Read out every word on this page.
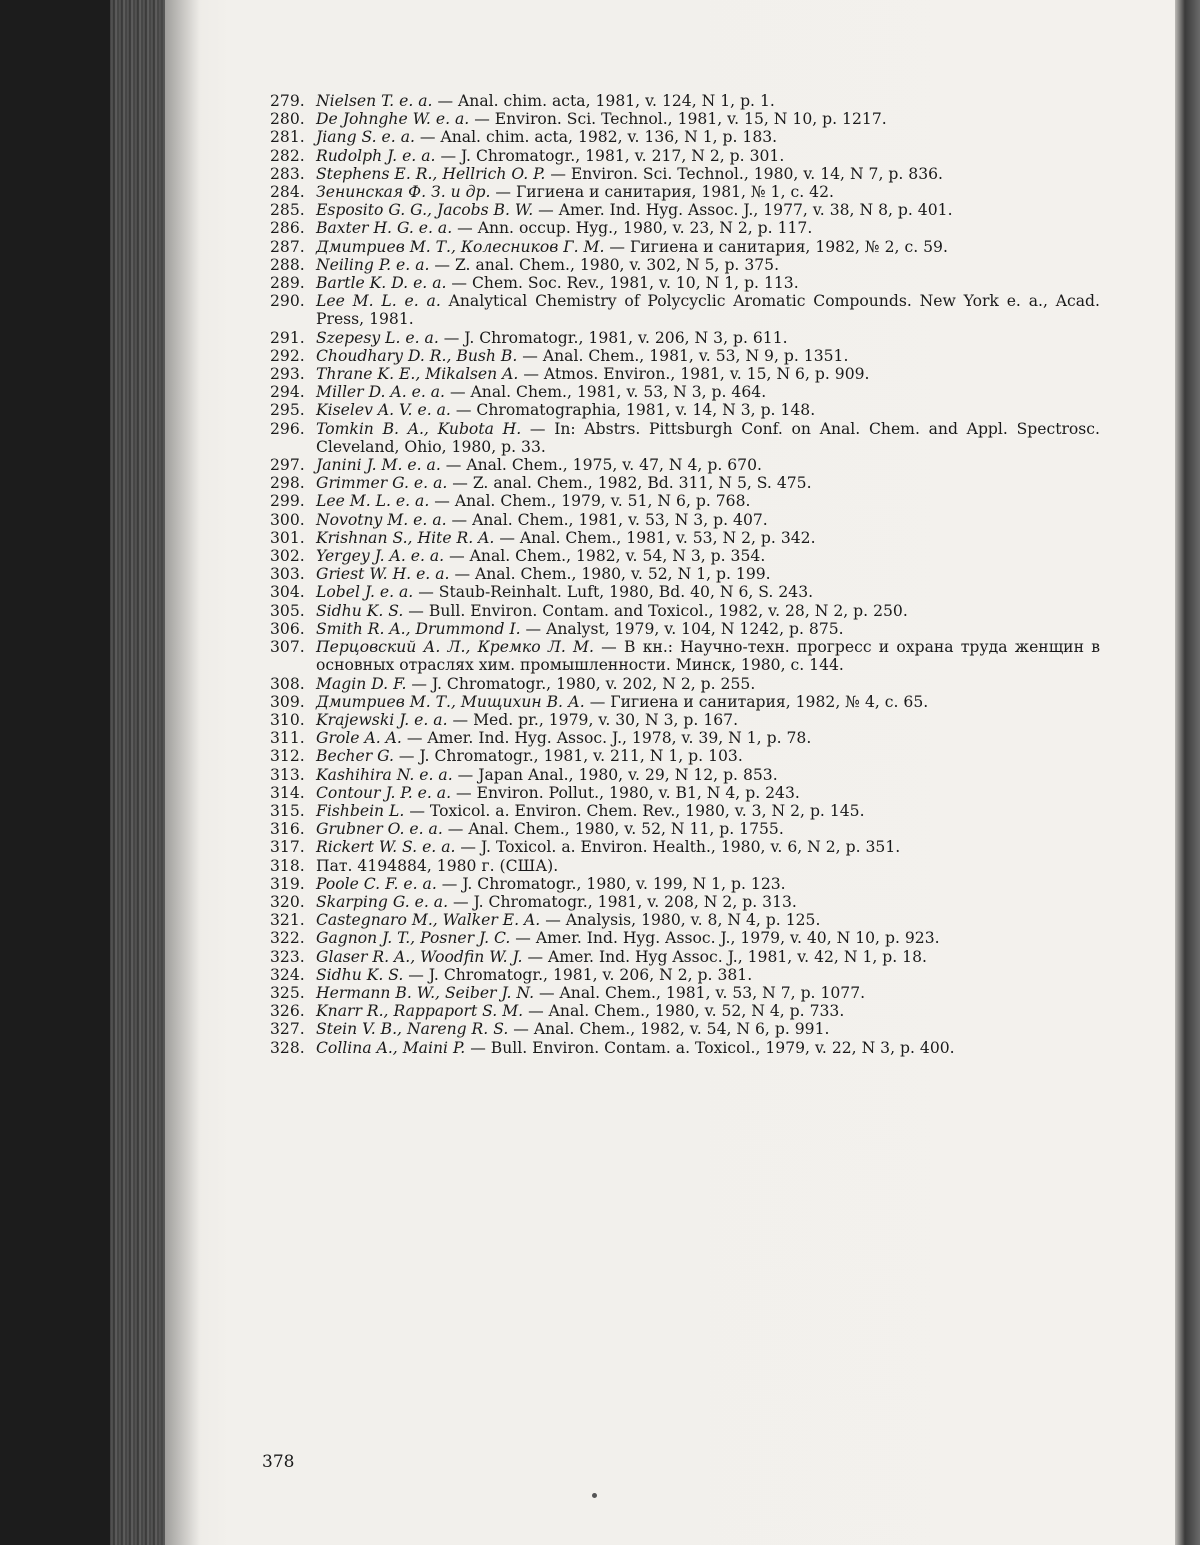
279. Nielsen T. e. a. — Anal. chim. acta, 1981, v. 124, N 1, p. 1.
280. De Johnghe W. e. a. — Environ. Sci. Technol., 1981, v. 15, N 10, p. 1217.
281. Jiang S. e. a. — Anal. chim. acta, 1982, v. 136, N 1, p. 183.
282. Rudolph J. e. a. — J. Chromatogr., 1981, v. 217, N 2, p. 301.
283. Stephens E. R., Hellrich O. P. — Environ. Sci. Technol., 1980, v. 14, N 7, p. 836.
284. Зенинская Ф. З. и др. — Гигиена и санитария, 1981, № 1, с. 42.
285. Esposito G. G., Jacobs B. W. — Amer. Ind. Hyg. Assoc. J., 1977, v. 38, N 8, p. 401.
286. Baxter H. G. e. a. — Ann. occup. Hyg., 1980, v. 23, N 2, p. 117.
287. Дмитриев М. Т., Колесников Г. М. — Гигиена и санитария, 1982, № 2, с. 59.
288. Neiling P. e. a. — Z. anal. Chem., 1980, v. 302, N 5, p. 375.
289. Bartle K. D. e. a. — Chem. Soc. Rev., 1981, v. 10, N 1, p. 113.
290. Lee M. L. e. a. Analytical Chemistry of Polycyclic Aromatic Compounds. New York e. a., Acad. Press, 1981.
291. Szepesy L. e. a. — J. Chromatogr., 1981, v. 206, N 3, p. 611.
292. Choudhary D. R., Bush B. — Anal. Chem., 1981, v. 53, N 9, p. 1351.
293. Thrane K. E., Mikalsen A. — Atmos. Environ., 1981, v. 15, N 6, p. 909.
294. Miller D. A. e. a. — Anal. Chem., 1981, v. 53, N 3, p. 464.
295. Kiselev A. V. e. a. — Chromatographia, 1981, v. 14, N 3, p. 148.
296. Tomkin B. A., Kubota H. — In: Abstrs. Pittsburgh Conf. on Anal. Chem. and Appl. Spectrosc. Cleveland, Ohio, 1980, p. 33.
297. Janini J. M. e. a. — Anal. Chem., 1975, v. 47, N 4, p. 670.
298. Grimmer G. e. a. — Z. anal. Chem., 1982, Bd. 311, N 5, S. 475.
299. Lee M. L. e. a. — Anal. Chem., 1979, v. 51, N 6, p. 768.
300. Novotny M. e. a. — Anal. Chem., 1981, v. 53, N 3, p. 407.
301. Krishnan S., Hite R. A. — Anal. Chem., 1981, v. 53, N 2, p. 342.
302. Yergey J. A. e. a. — Anal. Chem., 1982, v. 54, N 3, p. 354.
303. Griest W. H. e. a. — Anal. Chem., 1980, v. 52, N 1, p. 199.
304. Lobel J. e. a. — Staub-Reinhalt. Luft, 1980, Bd. 40, N 6, S. 243.
305. Sidhu K. S. — Bull. Environ. Contam. and Toxicol., 1982, v. 28, N 2, p. 250.
306. Smith R. A., Drummond I. — Analyst, 1979, v. 104, N 1242, p. 875.
307. Перцовский А. Л., Кремко Л. М. — В кн.: Научно-техн. прогресс и охрана труда женщин в основных отраслях хим. промышленности. Минск, 1980, с. 144.
308. Magin D. F. — J. Chromatogr., 1980, v. 202, N 2, p. 255.
309. Дмитриев М. Т., Мищихин В. А. — Гигиена и санитария, 1982, № 4, с. 65.
310. Krajewski J. e. a. — Med. pr., 1979, v. 30, N 3, p. 167.
311. Grole A. A. — Amer. Ind. Hyg. Assoc. J., 1978, v. 39, N 1, p. 78.
312. Becher G. — J. Chromatogr., 1981, v. 211, N 1, p. 103.
313. Kashihira N. e. a. — Japan Anal., 1980, v. 29, N 12, p. 853.
314. Contour J. P. e. a. — Environ. Pollut., 1980, v. B1, N 4, p. 243.
315. Fishbein L. — Toxicol. a. Environ. Chem. Rev., 1980, v. 3, N 2, p. 145.
316. Grubner O. e. a. — Anal. Chem., 1980, v. 52, N 11, p. 1755.
317. Rickert W. S. e. a. — J. Toxicol. a. Environ. Health., 1980, v. 6, N 2, p. 351.
318. Пат. 4194884, 1980 г. (США).
319. Poole C. F. e. a. — J. Chromatogr., 1980, v. 199, N 1, p. 123.
320. Skarping G. e. a. — J. Chromatogr., 1981, v. 208, N 2, p. 313.
321. Castegnaro M., Walker E. A. — Analysis, 1980, v. 8, N 4, p. 125.
322. Gagnon J. T., Posner J. C. — Amer. Ind. Hyg. Assoc. J., 1979, v. 40, N 10, p. 923.
323. Glaser R. A., Woodfin W. J. — Amer. Ind. Hyg Assoc. J., 1981, v. 42, N 1, p. 18.
324. Sidhu K. S. — J. Chromatogr., 1981, v. 206, N 2, p. 381.
325. Hermann B. W., Seiber J. N. — Anal. Chem., 1981, v. 53, N 7, p. 1077.
326. Knarr R., Rappaport S. M. — Anal. Chem., 1980, v. 52, N 4, p. 733.
327. Stein V. B., Nareng R. S. — Anal. Chem., 1982, v. 54, N 6, p. 991.
328. Collina A., Maini P. — Bull. Environ. Contam. a. Toxicol., 1979, v. 22, N 3, p. 400.
378
